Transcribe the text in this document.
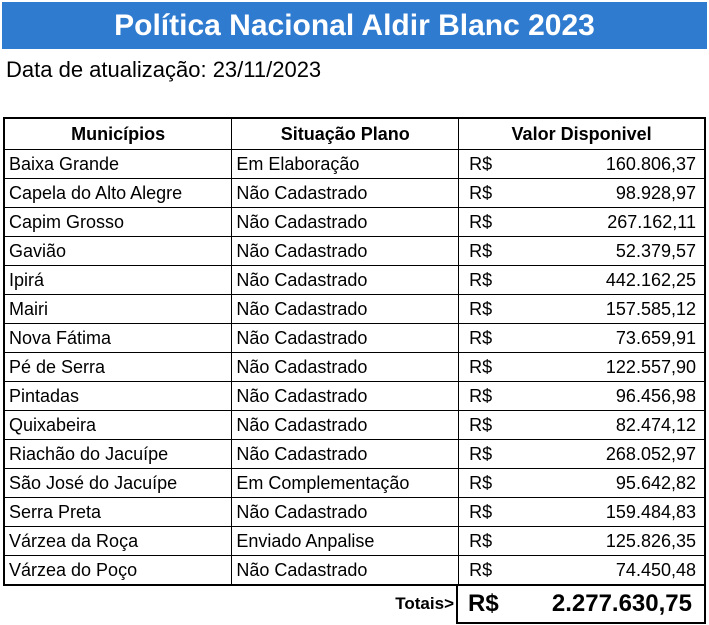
Política Nacional Aldir Blanc 2023
Data de atualização: 23/11/2023
Municípios	Situação Plano	Valor Disponivel
Baixa Grande	Em Elaboração	R$ 160.806,37

Capela do Alto Alegre	Não Cadastrado	R$ 98.928,97

Capim Grosso	Não Cadastrado	R$ 267.162,11

Gavião	Não Cadastrado	R$ 52.379,57

Ipirá	Não Cadastrado	R$ 442.162,25

Mairi	Não Cadastrado	R$ 157.585,12

Nova Fátima	Não Cadastrado	R$ 73.659,91

Pé de Serra	Não Cadastrado	R$ 122.557,90

Pintadas	Não Cadastrado	R$ 96.456,98

Quixabeira	Não Cadastrado	R$ 82.474,12

Riachão do Jacuípe	Não Cadastrado	R$ 268.052,97

São José do Jacuípe	Em Complementação	R$ 95.642,82

Serra Preta	Não Cadastrado	R$ 159.484,83

Várzea da Roça	Enviado Anpalise	R$ 125.826,35

Várzea do Poço	Não Cadastrado	R$ 74.450,48
Totais> R$ 2.277.630,75
